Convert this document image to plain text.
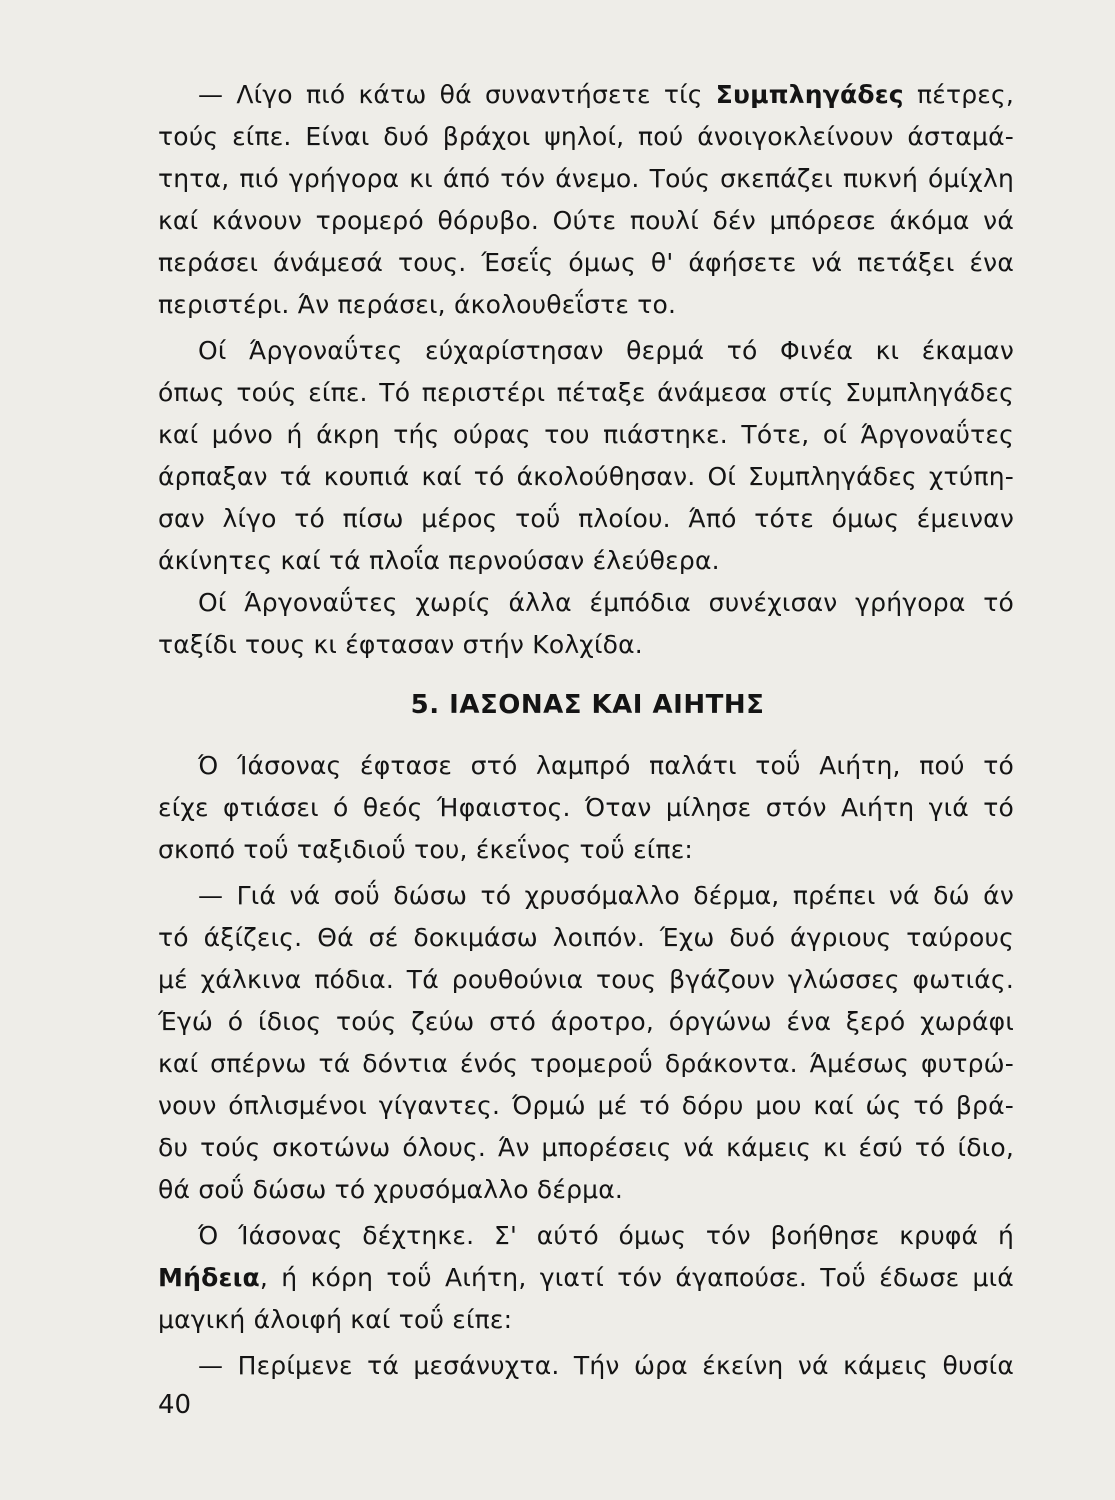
— Λίγο πιό κάτω θά συναντήσετε τίς Συμπληγάδες πέτρες,
τούς είπε. Είναι δυό βράχοι ψηλοί, πού άνοιγοκλείνουν άσταμά-
τητα, πιό γρήγορα κι άπό τόν άνεμο. Τούς σκεπάζει πυκνή όμίχλη
καί κάνουν τρομερό θόρυβο. Ούτε πουλί δέν μπόρεσε άκόμα νά
περάσει άνάμεσά τους. Έσεΐς όμως θ' άφήσετε νά πετάξει ένα
περιστέρι. Άν περάσει, άκολουθεΐστε το.
Οί Άργοναΰτες εύχαρίστησαν θερμά τό Φινέα κι έκαμαν
όπως τούς είπε. Τό περιστέρι πέταξε άνάμεσα στίς Συμπληγάδες
καί μόνο ή άκρη τής ούρας του πιάστηκε. Τότε, οί Άργοναΰτες
άρπαξαν τά κουπιά καί τό άκολούθησαν. Οί Συμπληγάδες χτύπη-
σαν λίγο τό πίσω μέρος τοΰ πλοίου. Άπό τότε όμως έμειναν
άκίνητες καί τά πλοΐα περνούσαν έλεύθερα.
Οί Άργοναΰτες χωρίς άλλα έμπόδια συνέχισαν γρήγορα τό
ταξίδι τους κι έφτασαν στήν Κολχίδα.
5. ΙΑΣΟΝΑΣ ΚΑΙ ΑΙΗΤΗΣ
Ό Ίάσονας έφτασε στό λαμπρό παλάτι τοΰ Αιήτη, πού τό
είχε φτιάσει ό θεός Ήφαιστος. Όταν μίλησε στόν Αιήτη γιά τό
σκοπό τοΰ ταξιδιοΰ του, έκεΐνος τοΰ είπε:
— Γιά νά σοΰ δώσω τό χρυσόμαλλο δέρμα, πρέπει νά δώ άν
τό άξίζεις. Θά σέ δοκιμάσω λοιπόν. Έχω δυό άγριους ταύρους
μέ χάλκινα πόδια. Τά ρουθούνια τους βγάζουν γλώσσες φωτιάς.
Έγώ ό ίδιος τούς ζεύω στό άροτρο, όργώνω ένα ξερό χωράφι
καί σπέρνω τά δόντια ένός τρομεροΰ δράκοντα. Άμέσως φυτρώ-
νουν όπλισμένοι γίγαντες. Όρμώ μέ τό δόρυ μου καί ώς τό βρά-
δυ τούς σκοτώνω όλους. Άν μπορέσεις νά κάμεις κι έσύ τό ίδιο,
θά σοΰ δώσω τό χρυσόμαλλο δέρμα.
Ό Ίάσονας δέχτηκε. Σ' αύτό όμως τόν βοήθησε κρυφά ή
Μήδεια, ή κόρη τοΰ Αιήτη, γιατί τόν άγαπούσε. Τοΰ έδωσε μιά
μαγική άλοιφή καί τοΰ είπε:
— Περίμενε τά μεσάνυχτα. Τήν ώρα έκείνη νά κάμεις θυσία
40
